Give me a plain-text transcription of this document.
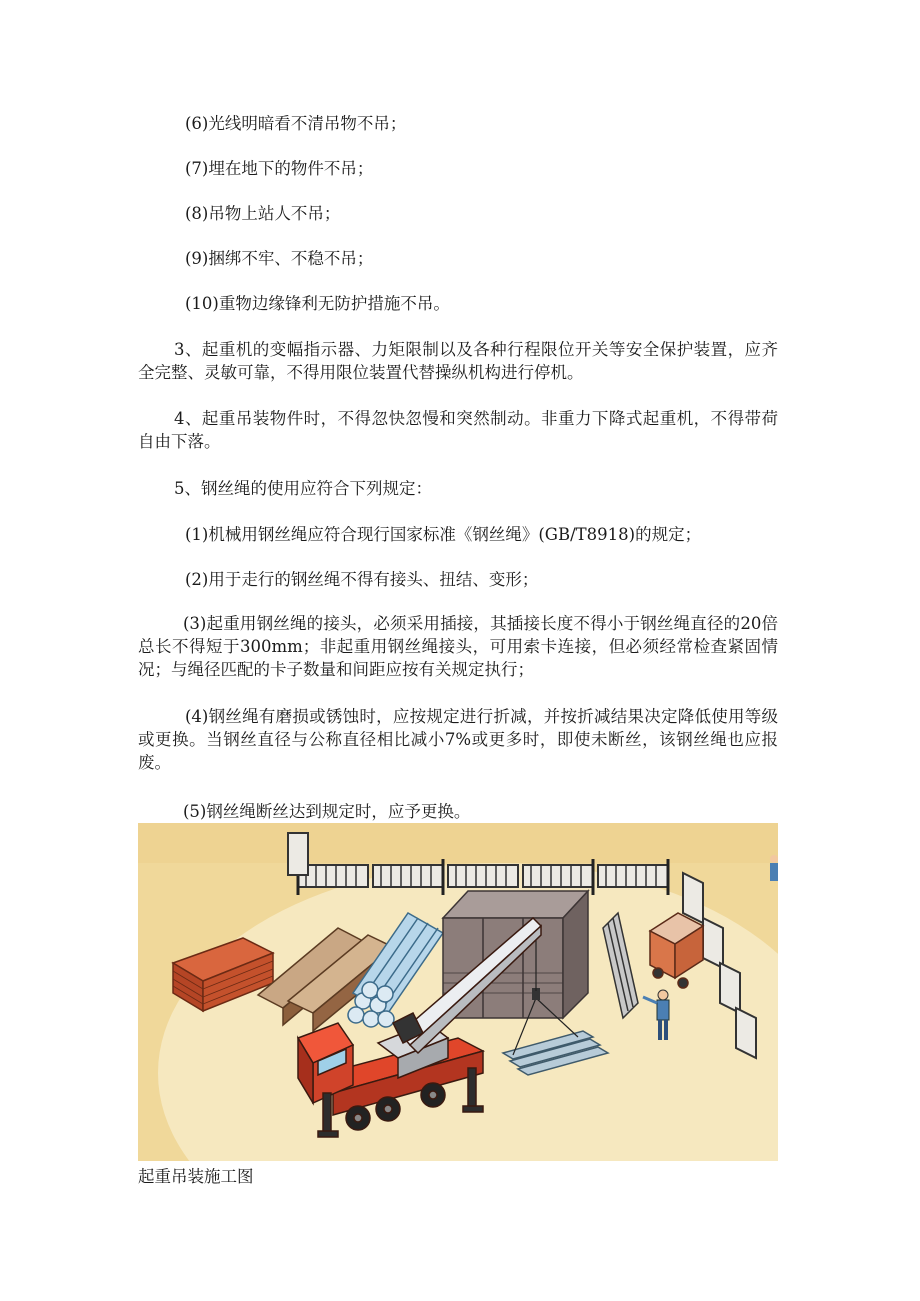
(6)光线明暗看不清吊物不吊；
(7)埋在地下的物件不吊；
(8)吊物上站人不吊；
(9)捆绑不牢、不稳不吊；
(10)重物边缘锋利无防护措施不吊。
3、起重机的变幅指示器、力矩限制以及各种行程限位开关等安全保护装置，应齐全完整、灵敏可靠，不得用限位装置代替操纵机构进行停机。
4、起重吊装物件时，不得忽快忽慢和突然制动。非重力下降式起重机，不得带荷自由下落。
5、钢丝绳的使用应符合下列规定：
(1)机械用钢丝绳应符合现行国家标准《钢丝绳》(GB/T8918)的规定；
(2)用于走行的钢丝绳不得有接头、扭结、变形；
(3)起重用钢丝绳的接头，必须采用插接，其插接长度不得小于钢丝绳直径的20倍总长不得短于300mm；非起重用钢丝绳接头，可用索卡连接，但必须经常检查紧固情况；与绳径匹配的卡子数量和间距应按有关规定执行；
(4)钢丝绳有磨损或锈蚀时，应按规定进行折减，并按折减结果决定降低使用等级或更换。当钢丝直径与公称直径相比减小7%或更多时，即使未断丝，该钢丝绳也应报废。
(5)钢丝绳断丝达到规定时，应予更换。
起重吊装施工图
